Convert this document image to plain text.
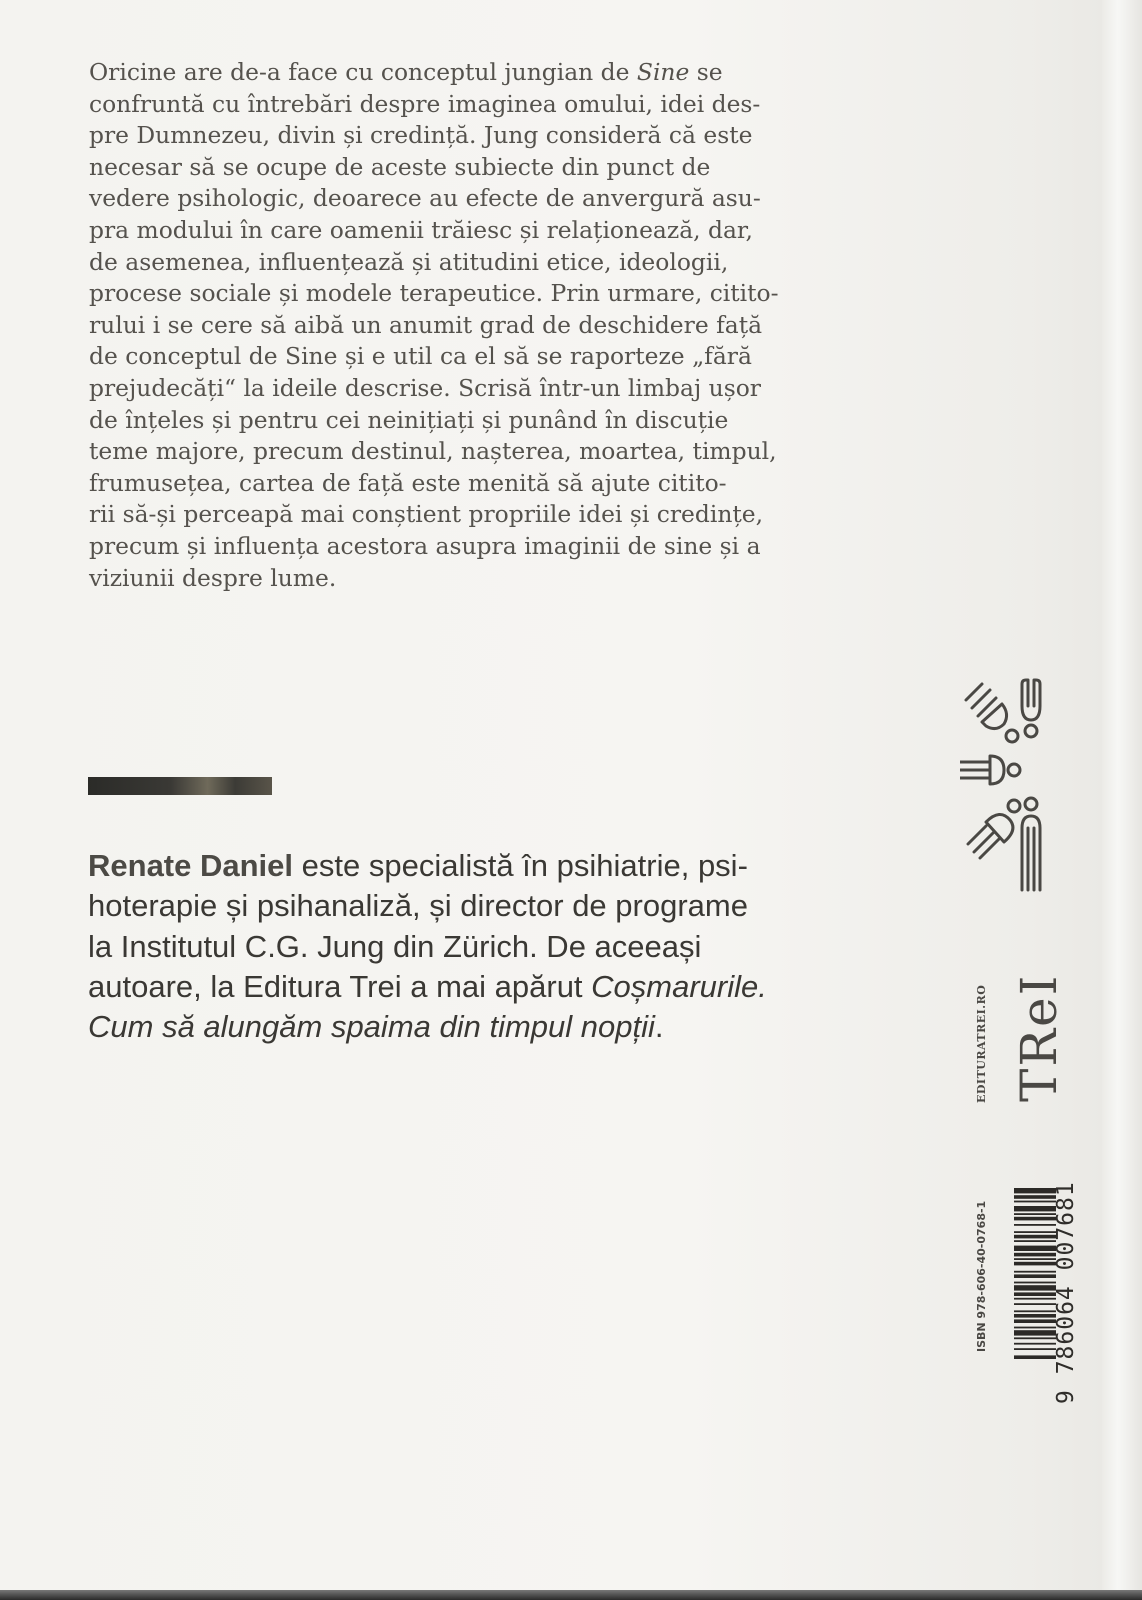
Oricine are de-a face cu conceptul jungian de Sine se
confruntă cu întrebări despre imaginea omului, idei des-
pre Dumnezeu, divin și credință. Jung consideră că este
necesar să se ocupe de aceste subiecte din punct de
vedere psihologic, deoarece au efecte de anvergură asu-
pra modului în care oamenii trăiesc și relaționează, dar,
de asemenea, influențează și atitudini etice, ideologii,
procese sociale și modele terapeutice. Prin urmare, citito-
rului i se cere să aibă un anumit grad de deschidere față
de conceptul de Sine și e util ca el să se raporteze „fără
prejudecăți“ la ideile descrise. Scrisă într-un limbaj ușor
de înțeles și pentru cei neinițiați și punând în discuție
teme majore, precum destinul, nașterea, moartea, timpul,
frumusețea, cartea de față este menită să ajute citito-
rii să-și perceapă mai conștient propriile idei și credințe,
precum și influența acestora asupra imaginii de sine și a
viziunii despre lume.

Renate Daniel este specialistă în psihiatrie, psi-
hoterapie și psihanaliză, și director de programe
la Institutul C.G. Jung din Zürich. De aceeași
autoare, la Editura Trei a mai apărut Coșmarurile.
Cum să alungăm spaima din timpul nopții.	EDITURATREI.RO TReI
ISBN 978-606-40-0768-1	9 786064 007681
